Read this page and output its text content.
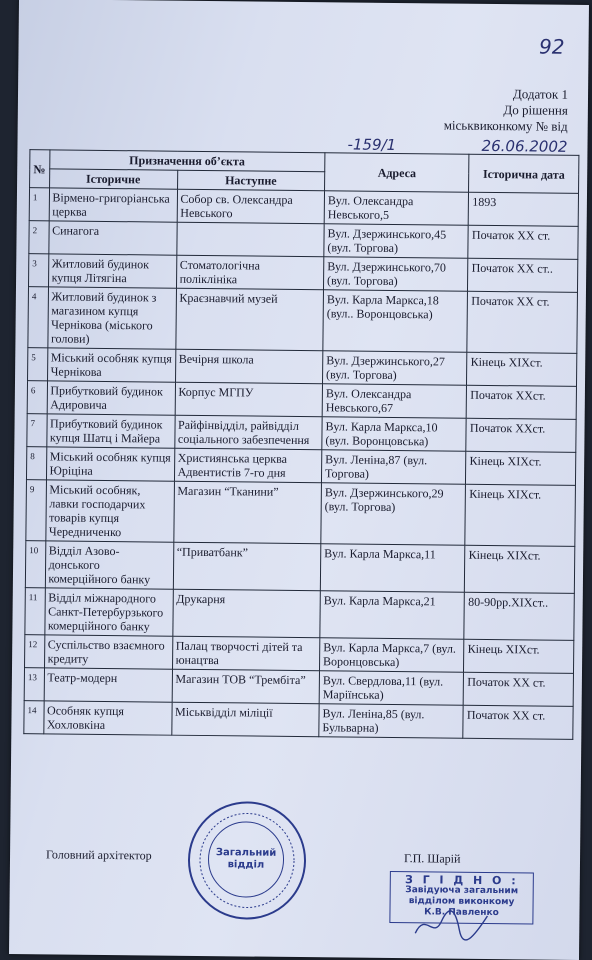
92
Додаток 1
До рішення
міськвиконкому № від
-159/1	26.06.2002
№	Призначення об’єкта		Адреса	Історична дата
	Історичне	Наступне		
1	Вірмено-григоріанська церква	Собор св. Олександра Невського	Вул. Олександра Невського,5	1893
2	Синагога		Вул. Дзержинського,45 (вул. Торгова)	Початок ХХ ст.
3	Житловий будинок купця Літягіна	Стоматологічна поліклініка	Вул. Дзержинського,70 (вул. Торгова)	Початок ХХ ст..
4	Житловий будинок з магазином купця Чернікова (міського голови)	Краєзнавчий музей	Вул. Карла Маркса,18 (вул.. Воронцовська)	Початок ХХ ст.
5	Міський особняк купця Чернікова	Вечірня школа	Вул. Дзержинського,27 (вул. Торгова)	Кінець ХІХст.
6	Прибутковий будинок Адировича	Корпус МГПУ	Вул. Олександра Невського,67	Початок ХХст.
7	Прибутковий будинок купця Шатц і Майера	Райфінвідділ, райвідділ соціального забезпечення	Вул. Карла Маркса,10 (вул. Воронцовська)	Початок ХХст.
8	Міський особняк купця Юріціна	Християнська церква Адвентистів 7-го дня	Вул. Леніна,87 (вул. Торгова)	Кінець ХІХст.
9	Міський особняк, лавки господарчих товарів купця Чередниченко	Магазин “Тканини”	Вул. Дзержинського,29 (вул. Торгова)	Кінець ХІХст.
10	Відділ Азово-донського комерційного банку	“Приватбанк”	Вул. Карла Маркса,11	Кінець ХІХст.
11	Відділ міжнародного Санкт-Петербурзького комерційного банку	Друкарня	Вул. Карла Маркса,21	80-90рр.ХІХст..
12	Суспільство взаємного кредиту	Палац творчості дітей та юнацтва	Вул. Карла Маркса,7 (вул. Воронцовська)	Кінець ХІХст.
13	Театр-модерн	Магазин ТОВ “Трембіта”	Вул. Свердлова,11 (вул. Маріїнська)	Початок ХХ ст.
14	Особняк купця Хохловкіна	Міськвідділ міліції	Вул. Леніна,85 (вул. Бульварна)	Початок ХХ ст.
Головний архітектор	Загальний відділ	Г.П. Шарій
З Г І Д Н О :
Завідуюча загальним
відділом виконкому
К.В. Павленко
